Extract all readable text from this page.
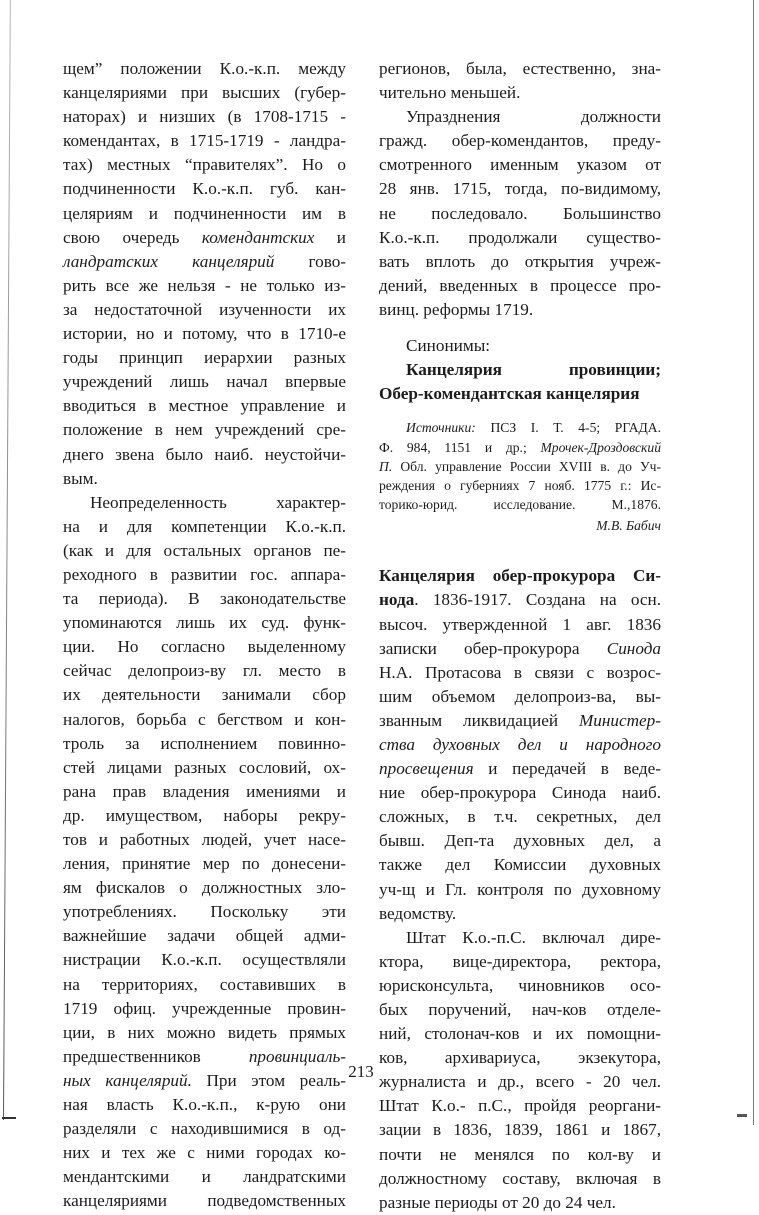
щем” положении К.о.-к.п. между
канцеляриями при высших (губер-
наторах) и низших (в 1708-1715 -
комендантах, в 1715-1719 - ландра-
тах) местных “правителях”. Но о
подчиненности К.о.-к.п. губ. кан-
целяриям и подчиненности им в
свою очередь комендантских и
ландратских канцелярий гово-
рить все же нельзя - не только из-
за недостаточной изученности их
истории, но и потому, что в 1710-е
годы принцип иерархии разных
учреждений лишь начал впервые
вводиться в местное управление и
положение в нем учреждений сре-
днего звена было наиб. неустойчи-
вым.

Неопределенность характер-
на и для компетенции К.о.-к.п.
(как и для остальных органов пе-
реходного в развитии гос. аппара-
та периода). В законодательстве
упоминаются лишь их суд. функ-
ции. Но согласно выделенному
сейчас делопроиз-ву гл. место в
их деятельности занимали сбор
налогов, борьба с бегством и кон-
троль за исполнением повинно-
стей лицами разных сословий, ох-
рана прав владения имениями и
др. имуществом, наборы рекру-
тов и работных людей, учет насе-
ления, принятие мер по донесени-
ям фискалов о должностных зло-
употреблениях. Поскольку эти
важнейшие задачи общей адми-
нистрации К.о.-к.п. осуществляли
на территориях, составивших в
1719 офиц. учрежденные провин-
ции, в них можно видеть прямых
предшественников провинциаль-
ных канцелярий. При этом реаль-
ная власть К.о.-к.п., к-рую они
разделяли с находившимися в од-
них и тех же с ними городах ко-
мендантскими и ландратскими
канцеляриями подведомственных

регионов, была, естественно, зна-
чительно меньшей.

Упразднения должности
гражд. обер-комендантов, преду-
смотренного именным указом от
28 янв. 1715, тогда, по-видимому,
не последовало. Большинство
К.о.-к.п. продолжали существо-
вать вплоть до открытия учреж-
дений, введенных в процессе про-
винц. реформы 1719.

Синонимы:

Канцелярия	провинции;
Обер-комендантская канцелярия

Источники: ПСЗ I. Т. 4-5; РГАДА.
Ф. 984, 1151 и др.; Мрочек-Дроздовский
П. Обл. управление России XVIII в. до Уч-
реждения о губерниях 7 нояб. 1775 г.: Ис-
торико-юрид. исследование. М.,1876.

М.В. Бабич

Канцелярия обер-прокурора Си-
нода. 1836-1917. Создана на осн.
высоч. утвержденной 1 авг. 1836
записки обер-прокурора Синода
Н.А. Протасова в связи с возрос-
шим объемом делопроиз-ва, вы-
званным ликвидацией Министер-
ства духовных дел и народного
просвещения и передачей в веде-
ние обер-прокурора Синода наиб.
сложных, в т.ч. секретных, дел
бывш. Деп-та духовных дел, а
также дел Комиссии духовных
уч-щ и Гл. контроля по духовному
ведомству.

Штат К.о.-п.С. включал дире-
ктора, вице-директора, ректора,
юрисконсульта, чиновников осо-
бых поручений, нач-ков отделе-
ний, столонач-ков и их помощни-
ков, архивариуса, экзекутора,
журналиста и др., всего - 20 чел.
Штат К.о.- п.С., пройдя реоргани-
зации в 1836, 1839, 1861 и 1867,
почти не менялся по кол-ву и
должностному составу, включая в
разные периоды от 20 до 24 чел.

213
